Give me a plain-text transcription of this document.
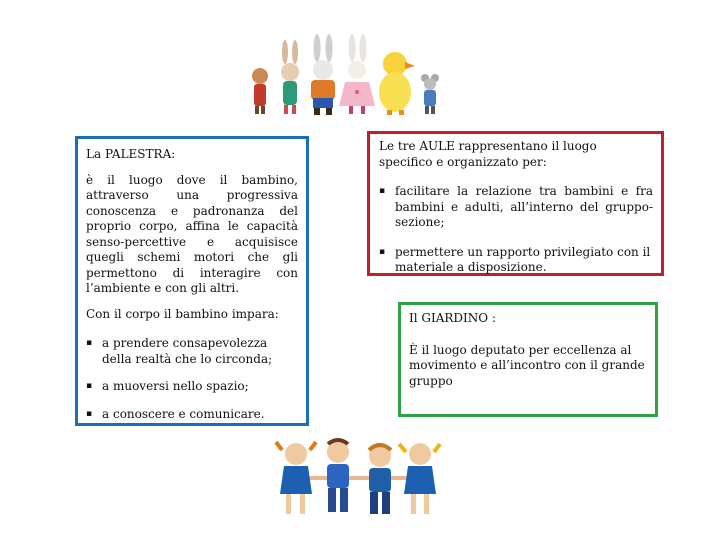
La PALESTRA:
è il luogo dove il bambino, attraverso una progressiva conoscenza e padronanza del proprio corpo, affina le capacità senso-percettive e acquisisce quegli schemi motori che gli permettono di interagire con l’ambiente e con gli altri.
Con il corpo il bambino impara:
▪ a prendere consapevolezza della realtà che lo circonda;
▪ a muoversi nello spazio;
▪ a conoscere e comunicare.
Le tre AULE rappresentano il luogo specifico e organizzato per:
▪ facilitare la relazione tra bambini e fra bambini e adulti, all’interno del gruppo-sezione;
▪ permettere un rapporto privilegiato con il materiale a disposizione.
Il GIARDINO :
È il luogo deputato per eccellenza al movimento e all’incontro con il grande gruppo
